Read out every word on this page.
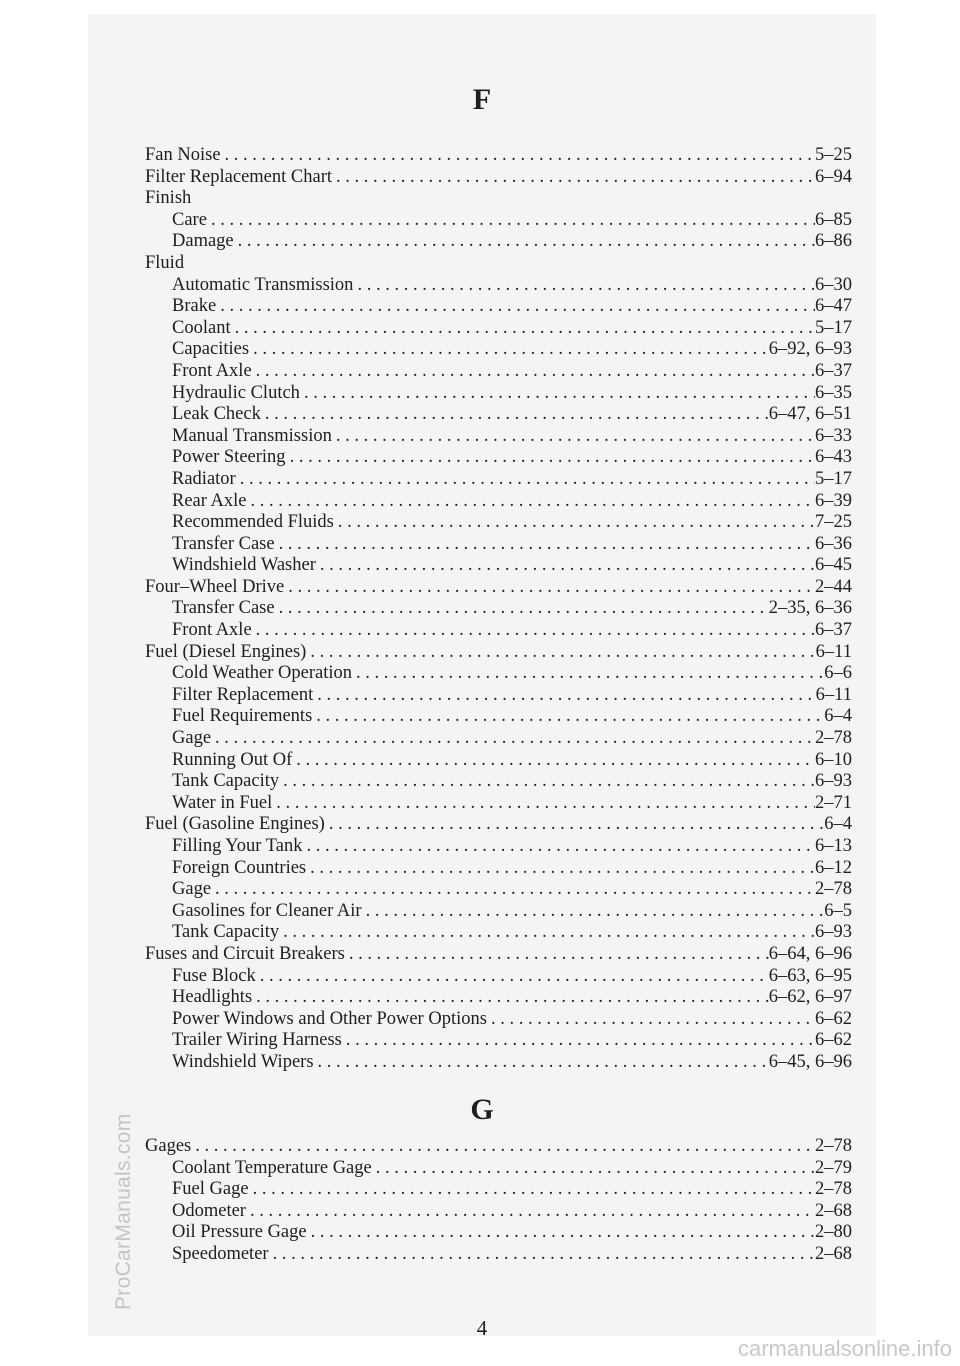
ProCarManuals.com
F
Fan Noise . . .	5–25
Filter Replacement Chart . . .	6–94
Finish
Care . . .	6–85
Damage . . .	6–86
Fluid
Automatic Transmission . . .	6–30
Brake . . .	6–47
Coolant . . .	5–17
Capacities . . .	6–92, 6–93
Front Axle . . .	6–37
Hydraulic Clutch . . .	6–35
Leak Check . . .	6–47, 6–51
Manual Transmission . . .	6–33
Power Steering . . .	6–43
Radiator . . .	5–17
Rear Axle . . .	6–39
Recommended Fluids . . .	7–25
Transfer Case . . .	6–36
Windshield Washer . . .	6–45
Four–Wheel Drive . . .	2–44
Transfer Case . . .	2–35, 6–36
Front Axle . . .	6–37
Fuel (Diesel Engines) . . .	6–11
Cold Weather Operation . . .	6–6
Filter Replacement . . .	6–11
Fuel Requirements . . .	6–4
Gage . . .	2–78
Running Out Of . . .	6–10
Tank Capacity . . .	6–93
Water in Fuel . . .	2–71
Fuel (Gasoline Engines) . . .	6–4
Filling Your Tank . . .	6–13
Foreign Countries . . .	6–12
Gage . . .	2–78
Gasolines for Cleaner Air . . .	6–5
Tank Capacity . . .	6–93
Fuses and Circuit Breakers . . .	6–64, 6–96
Fuse Block . . .	6–63, 6–95
Headlights . . .	6–62, 6–97
Power Windows and Other Power Options . . .	6–62
Trailer Wiring Harness . . .	6–62
Windshield Wipers . . .	6–45, 6–96
G
Gages . . .	2–78
Coolant Temperature Gage . . .	2–79
Fuel Gage . . .	2–78
Odometer . . .	2–68
Oil Pressure Gage . . .	2–80
Speedometer . . .	2–68
4
carmanualsonline.info
